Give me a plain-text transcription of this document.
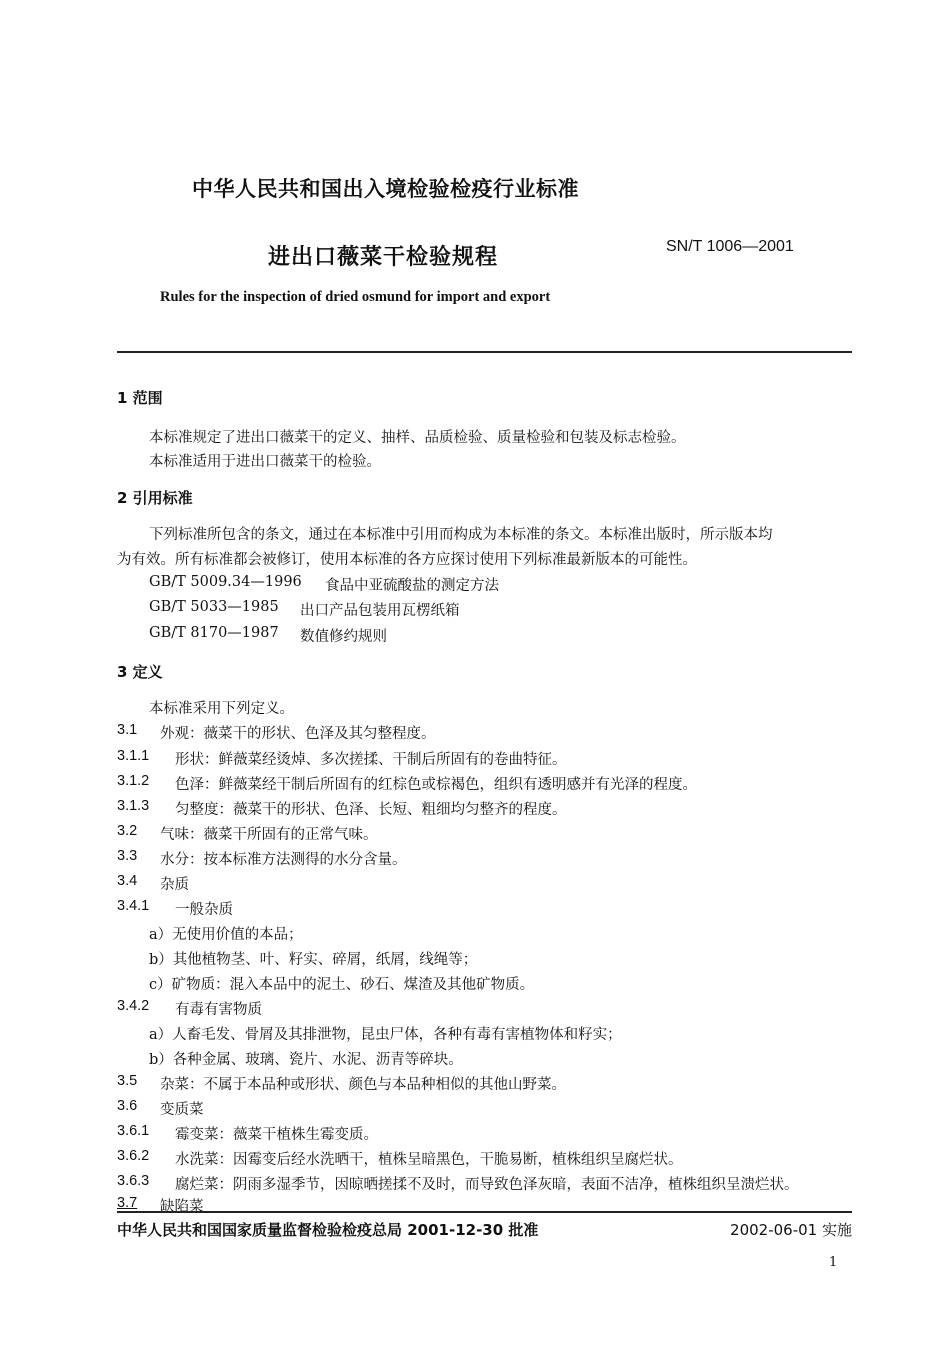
中华人民共和国出入境检验检疫行业标准
进出口薇菜干检验规程	SN/T 1006—2001
Rules for the inspection of dried osmund for import and export
1 范围
本标准规定了进出口薇菜干的定义、抽样、品质检验、质量检验和包装及标志检验。
本标准适用于进出口薇菜干的检验。
2 引用标准
下列标准所包含的条文，通过在本标准中引用而构成为本标准的条文。本标准出版时，所示版本均
为有效。所有标准都会被修订，使用本标准的各方应探讨使用下列标准最新版本的可能性。
GB/T 5009.34—1996 食品中亚硫酸盐的测定方法
GB/T 5033—1985 出口产品包装用瓦楞纸箱
GB/T 8170—1987 数值修约规则
3 定义
本标准采用下列定义。
3.1 外观：薇菜干的形状、色泽及其匀整程度。
3.1.1 形状：鲜薇菜经烫焯、多次搓揉、干制后所固有的卷曲特征。
3.1.2 色泽：鲜薇菜经干制后所固有的红棕色或棕褐色，组织有透明感并有光泽的程度。
3.1.3 匀整度：薇菜干的形状、色泽、长短、粗细均匀整齐的程度。
3.2 气味：薇菜干所固有的正常气味。
3.3 水分：按本标准方法测得的水分含量。
3.4 杂质
3.4.1 一般杂质
a）无使用价值的本品；
b）其他植物茎、叶、籽实、碎屑，纸屑，线绳等；
c）矿物质：混入本品中的泥土、砂石、煤渣及其他矿物质。
3.4.2 有毒有害物质
a）人畜毛发、骨屑及其排泄物，昆虫尸体，各种有毒有害植物体和籽实；
b）各种金属、玻璃、瓷片、水泥、沥青等碎块。
3.5 杂菜：不属于本品种或形状、颜色与本品种相似的其他山野菜。
3.6 变质菜
3.6.1 霉变菜：薇菜干植株生霉变质。
3.6.2 水洗菜：因霉变后经水洗晒干，植株呈暗黑色，干脆易断，植株组织呈腐烂状。
3.6.3 腐烂菜：阴雨多湿季节，因晾晒搓揉不及时，而导致色泽灰暗，表面不洁净，植株组织呈溃烂状。
3.7 缺陷菜
中华人民共和国国家质量监督检验检疫总局 2001-12-30 批准	2002-06-01 实施
1
